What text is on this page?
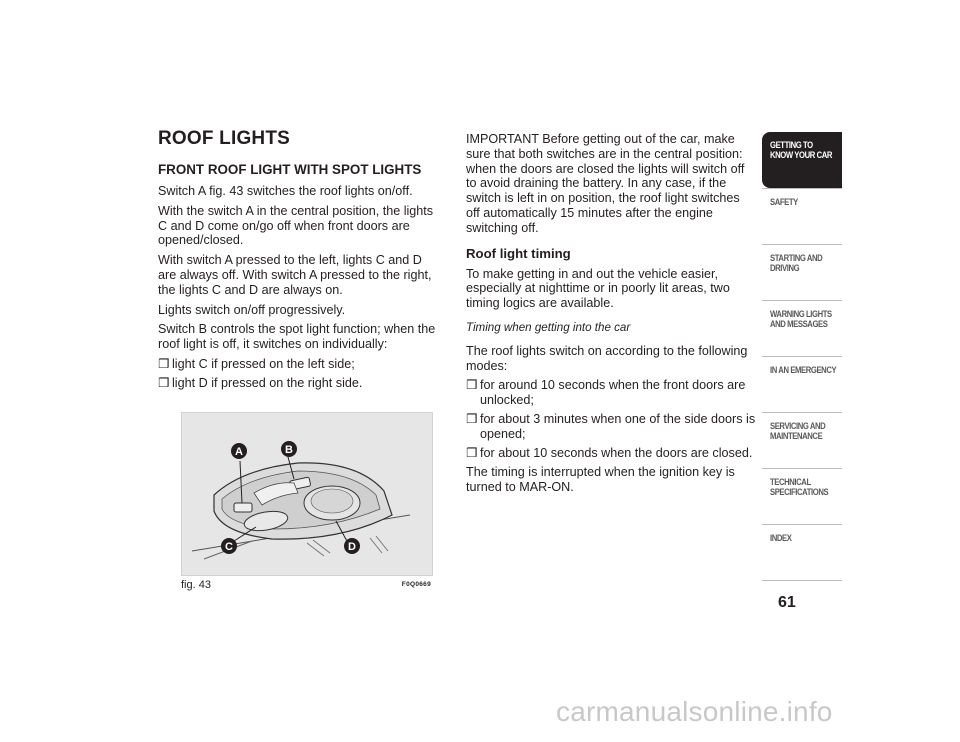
ROOF LIGHTS
FRONT ROOF LIGHT WITH SPOT LIGHTS

Switch A fig. 43 switches the roof lights on/off.

With the switch A in the central position, the lights C and D come on/go off when front doors are opened/closed.

With switch A pressed to the left, lights C and D are always off. With switch A pressed to the right, the lights C and D are always on.

Lights switch on/off progressively.

Switch B controls the spot light function; when the roof light is off, it switches on individually:

❒ light C if pressed on the left side;
❒ light D if pressed on the right side.
A	B
C	D
fig. 43	F0Q0669

IMPORTANT Before getting out of the car, make sure that both switches are in the central position: when the doors are closed the lights will switch off to avoid draining the battery. In any case, if the switch is left in on position, the roof light switches off automatically 15 minutes after the engine switching off.

Roof light timing

To make getting in and out the vehicle easier, especially at nighttime or in poorly lit areas, two timing logics are available.

Timing when getting into the car

The roof lights switch on according to the following modes:

❒ for around 10 seconds when the front doors are unlocked;
❒ for about 3 minutes when one of the side doors is opened;
❒ for about 10 seconds when the doors are closed.

The timing is interrupted when the ignition key is turned to MAR-ON.

GETTING TO
KNOW YOUR CAR
SAFETY
STARTING AND
DRIVING
WARNING LIGHTS
AND MESSAGES
IN AN EMERGENCY
SERVICING AND
MAINTENANCE
TECHNICAL
SPECIFICATIONS
INDEX
61
carmanualsonline.info
